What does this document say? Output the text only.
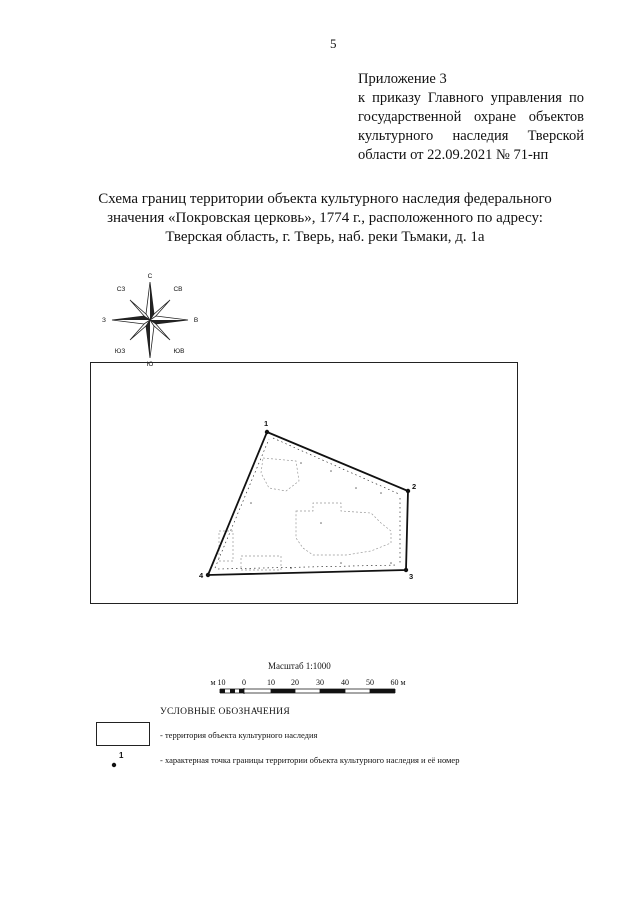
5
Приложение 3
к приказу Главного управления по
государственной охране объектов
культурного наследия Тверской
области от 22.09.2021 № 71-нп
Схема границ территории объекта культурного наследия федерального
значения «Покровская церковь», 1774 г., расположенного по адресу:
Тверская область, г. Тверь, наб. реки Тьмаки, д. 1а
С
СВ
В
ЮВ
Ю
ЮЗ
З
СЗ
1
2
3
4
Масштаб 1:1000
м 10 0	10 20 30 40 50 60 м
УСЛОВНЫЕ ОБОЗНАЧЕНИЯ
- территория объекта культурного наследия
1	- характерная точка границы территории объекта культурного наследия и её номер
